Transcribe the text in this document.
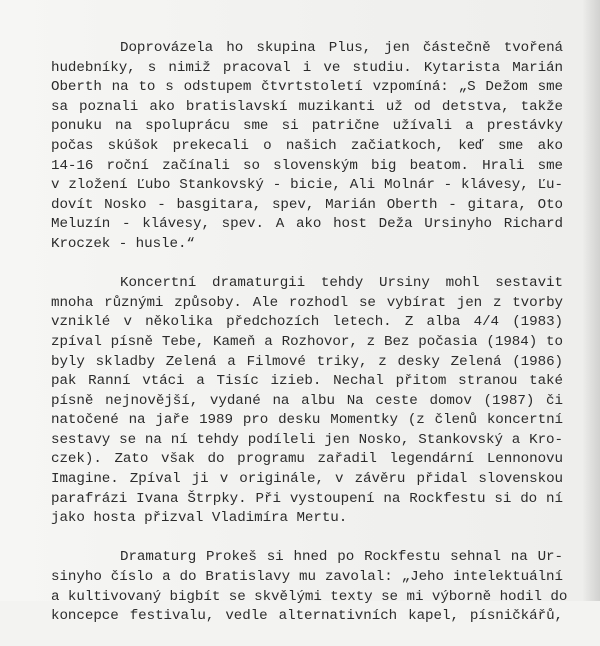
Doprovázela ho skupina Plus, jen částečně tvořená
hudebníky, s nimiž pracoval i ve studiu. Kytarista Marián
Oberth na to s odstupem čtvrtstoletí vzpomíná: „S Dežom sme
sa poznali ako bratislavskí muzikanti už od detstva, takže
ponuku na spoluprácu sme si patrične užívali a prestávky
počas skúšok prekecali o našich začiatkoch, keď sme ako
14-16 roční začínali so slovenským big beatom. Hrali sme
v zložení Ľubo Stankovský - bicie, Ali Molnár - klávesy, Ľu-
dovít Nosko - basgitara, spev, Marián Oberth - gitara, Oto
Meluzín - klávesy, spev. A ako host Deža Ursinyho Richard
Kroczek - husle.“
Koncertní dramaturgii tehdy Ursiny mohl sestavit
mnoha různými způsoby. Ale rozhodl se vybírat jen z tvorby
vzniklé v několika předchozích letech. Z alba 4/4 (1983)
zpíval písně Tebe, Kameň a Rozhovor, z Bez počasia (1984) to
byly skladby Zelená a Filmové triky, z desky Zelená (1986)
pak Ranní vtáci a Tisíc izieb. Nechal přitom stranou také
písně nejnovější, vydané na albu Na ceste domov (1987) či
natočené na jaře 1989 pro desku Momentky (z členů koncertní
sestavy se na ní tehdy podíleli jen Nosko, Stankovský a Kro-
czek). Zato však do programu zařadil legendární Lennonovu
Imagine. Zpíval ji v originále, v závěru přidal slovenskou
parafrázi Ivana Štrpky. Při vystoupení na Rockfestu si do ní
jako hosta přizval Vladimíra Mertu.
Dramaturg Prokeš si hned po Rockfestu sehnal na Ur-
sinyho číslo a do Bratislavy mu zavolal: „Jeho intelektuální
a kultivovaný bigbít se skvělými texty se mi výborně hodil do
koncepce festivalu, vedle alternativních kapel, písničkářů,
